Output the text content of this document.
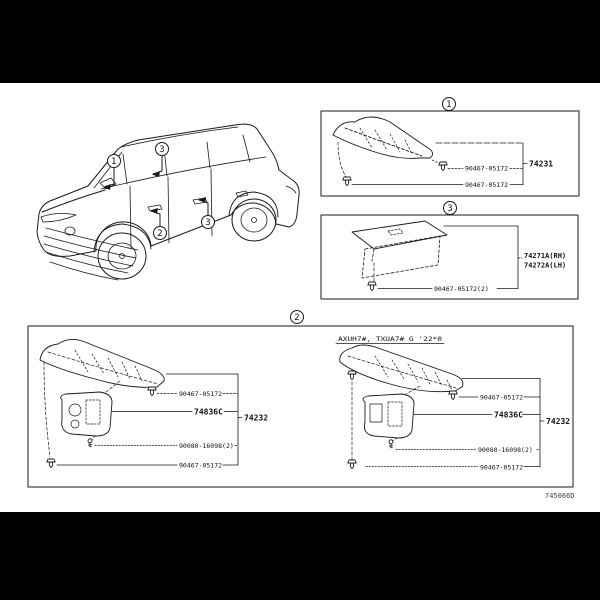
1
3
2
3
1
90467-05172
90467-05172
74231
3
74271A(RH)
74272A(LH)
90467-05172(2)
2
90467-05172
74836C
90080-16098(2)
90467-05172
74232
AXUH7#, TXUA7# G '22*0
90467-05172
74836C
90080-16098(2)
90467-05172
74232
745066D
